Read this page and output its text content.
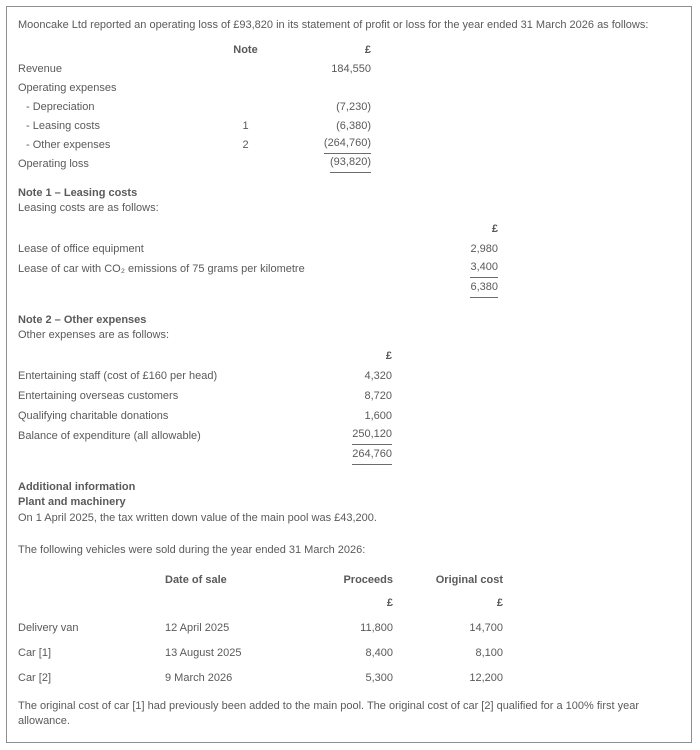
Mooncake Ltd reported an operating loss of £93,820 in its statement of profit or loss for the year ended 31 March 2026 as follows:

	Note	£
Revenue		184,550
Operating expenses		
- Depreciation		(7,230)
- Leasing costs	1	(6,380)
- Other expenses	2	(264,760)
Operating loss		(93,820)

Note 1 – Leasing costs

Leasing costs are as follows:

	£
Lease of office equipment	2,980
Lease of car with CO₂ emissions of 75 grams per kilometre	3,400
	6,380

Note 2 – Other expenses

Other expenses are as follows:

	£
Entertaining staff (cost of £160 per head)	4,320
Entertaining overseas customers	8,720
Qualifying charitable donations	1,600
Balance of expenditure (all allowable)	250,120
	264,760

Additional information

Plant and machinery

On 1 April 2025, the tax written down value of the main pool was £43,200.

The following vehicles were sold during the year ended 31 March 2026:

	Date of sale	Proceeds	Original cost
		£	£
Delivery van	12 April 2025	11,800	14,700
Car [1]	13 August 2025	8,400	8,100
Car [2]	9 March 2026	5,300	12,200

The original cost of car [1] had previously been added to the main pool. The original cost of car [2] qualified for a 100% first year allowance.
